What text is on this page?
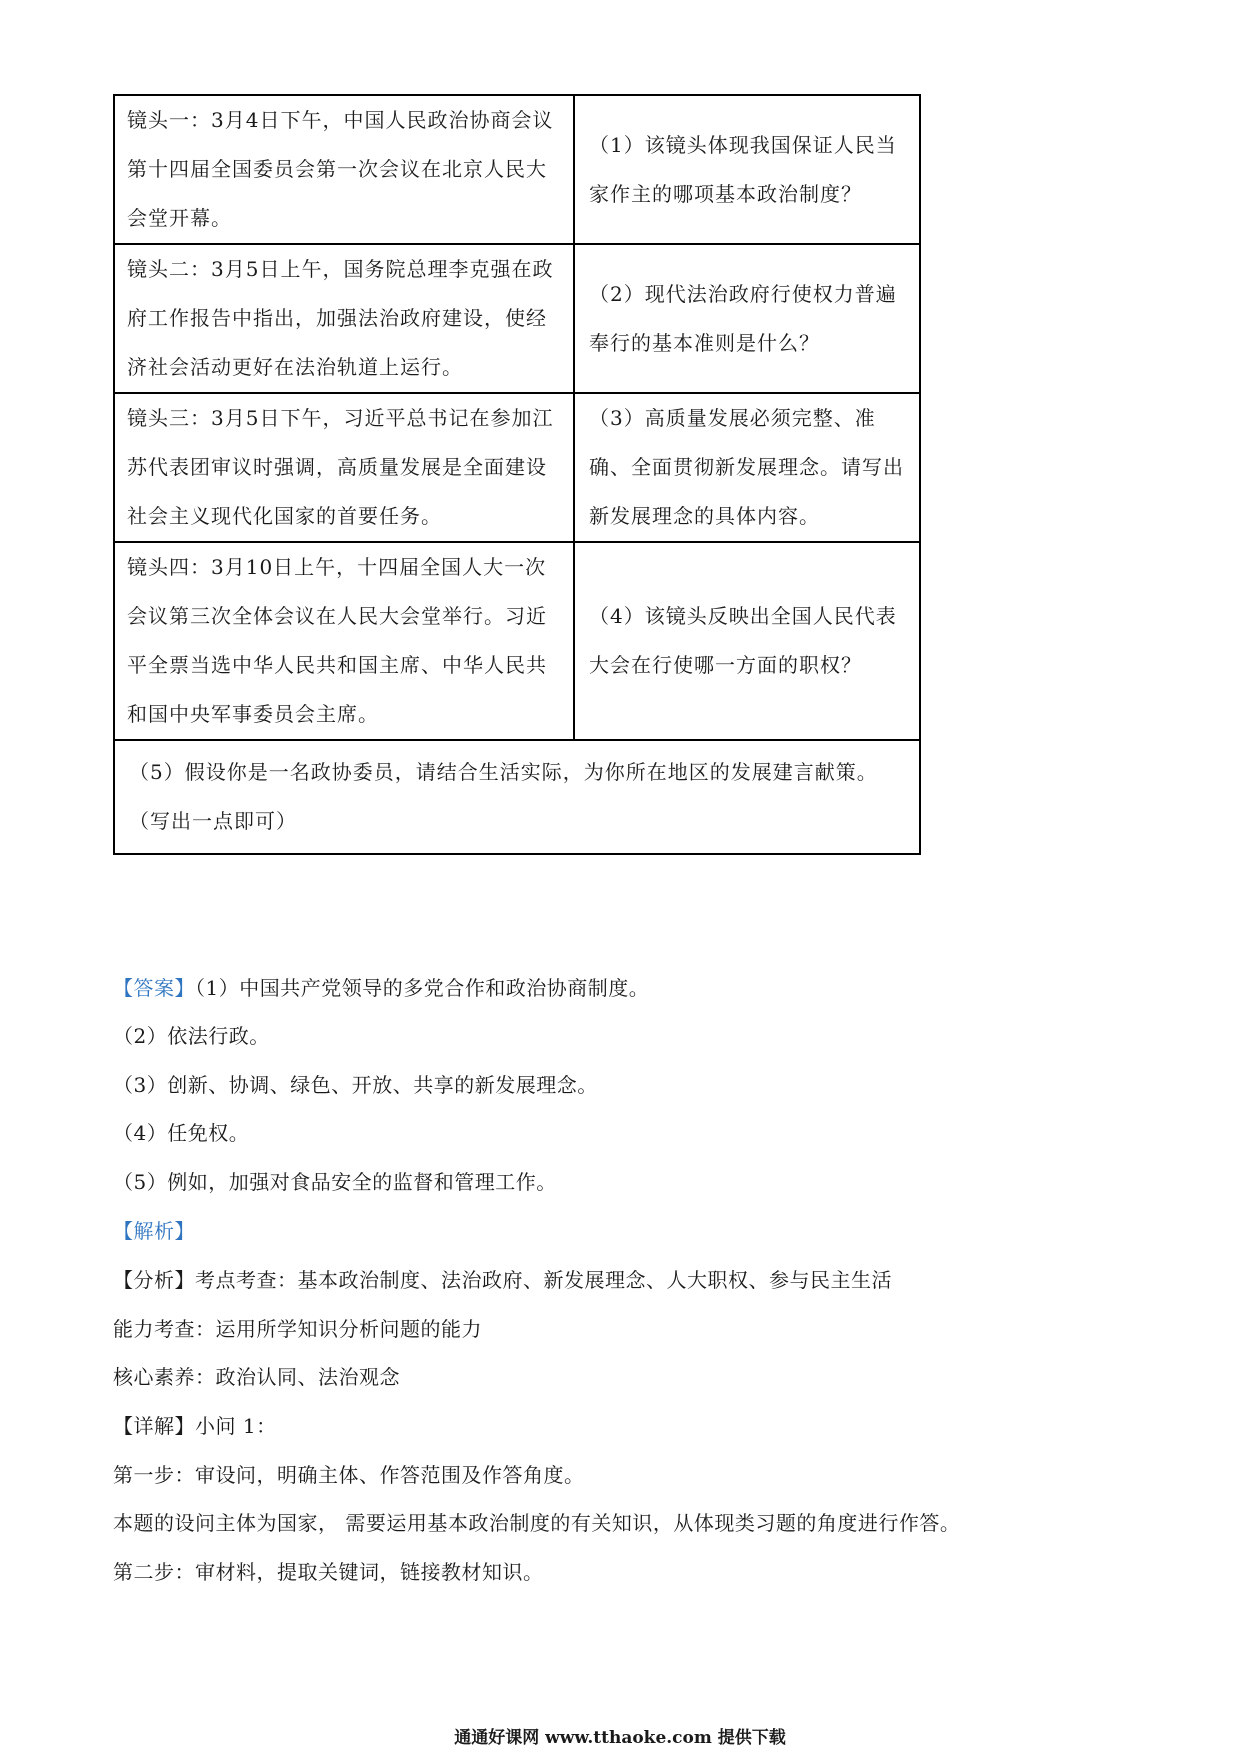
镜头一：3月4日下午，中国人民政治协商会议第十四届全国委员会第一次会议在北京人民大会堂开幕。	（1）该镜头体现我国保证人民当家作主的哪项基本政治制度？
镜头二：3月5日上午，国务院总理李克强在政府工作报告中指出，加强法治政府建设，使经济社会活动更好在法治轨道上运行。	（2）现代法治政府行使权力普遍奉行的基本准则是什么？
镜头三：3月5日下午，习近平总书记在参加江苏代表团审议时强调，高质量发展是全面建设社会主义现代化国家的首要任务。	（3）高质量发展必须完整、准确、全面贯彻新发展理念。请写出新发展理念的具体内容。
镜头四：3月10日上午，十四届全国人大一次会议第三次全体会议在人民大会堂举行。习近平全票当选中华人民共和国主席、中华人民共和国中央军事委员会主席。	（4）该镜头反映出全国人民代表大会在行使哪一方面的职权？
（5）假设你是一名政协委员，请结合生活实际，为你所在地区的发展建言献策。（写出一点即可）	
【答案】（1）中国共产党领导的多党合作和政治协商制度。
（2）依法行政。
（3）创新、协调、绿色、开放、共享的新发展理念。
（4）任免权。
（5）例如，加强对食品安全的监督和管理工作。
【解析】
【分析】考点考查：基本政治制度、法治政府、新发展理念、人大职权、参与民主生活
能力考查：运用所学知识分析问题的能力
核心素养：政治认同、法治观念
【详解】小问 1：
第一步：审设问，明确主体、作答范围及作答角度。
本题的设问主体为国家， 需要运用基本政治制度的有关知识，从体现类习题的角度进行作答。
第二步：审材料，提取关键词，链接教材知识。
通通好课网 www.tthaoke.com 提供下载
